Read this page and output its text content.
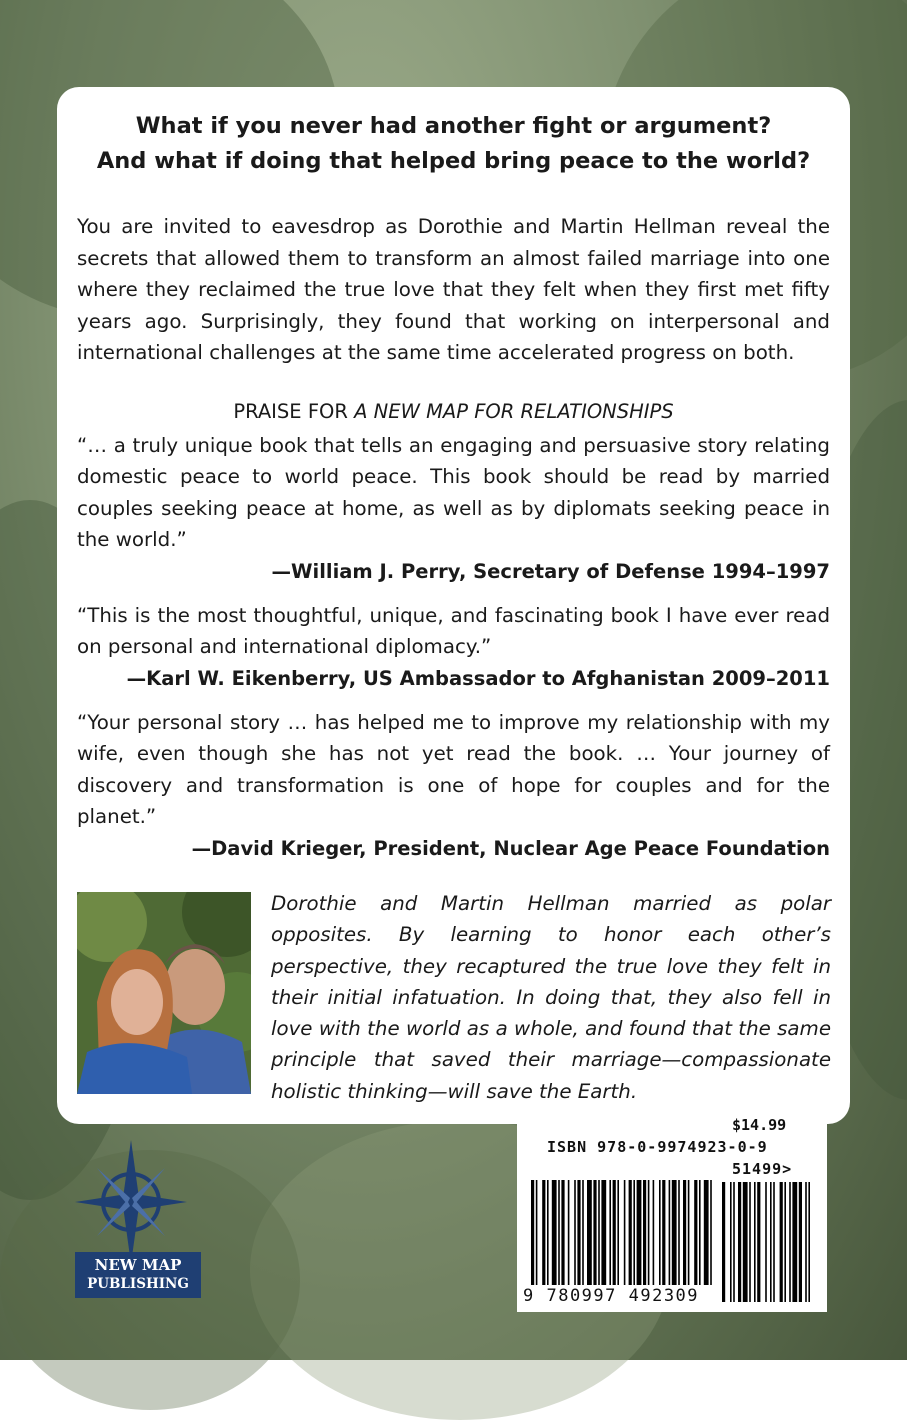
What if you never had another fight or argument?
And what if doing that helped bring peace to the world?

You are invited to eavesdrop as Dorothie and Martin Hellman reveal the secrets that allowed them to transform an almost failed marriage into one where they reclaimed the true love that they felt when they first met fifty years ago. Surprisingly, they found that working on interpersonal and international challenges at the same time accelerated progress on both.

PRAISE FOR A NEW MAP FOR RELATIONSHIPS

“… a truly unique book that tells an engaging and persuasive story relating domestic peace to world peace. This book should be read by married couples seeking peace at home, as well as by diplomats seeking peace in the world.”

—William J. Perry, Secretary of Defense 1994–1997

“This is the most thoughtful, unique, and fascinating book I have ever read on personal and international diplomacy.”

—Karl W. Eikenberry, US Ambassador to Afghanistan 2009–2011

“Your personal story … has helped me to improve my relationship with my wife, even though she has not yet read the book. … Your journey of discovery and transformation is one of hope for couples and for the planet.”

—David Krieger, President, Nuclear Age Peace Foundation

Dorothie and Martin Hellman married as polar opposites. By learning to honor each other’s perspective, they recaptured the true love they felt in their initial infatuation. In doing that, they also fell in love with the world as a whole, and found that the same principle that saved their marriage—compassionate holistic thinking—will save the Earth.

NEW MAP
PUBLISHING
$14.99
ISBN 978-0-9974923-0-9
51499>
9 780997 492309
